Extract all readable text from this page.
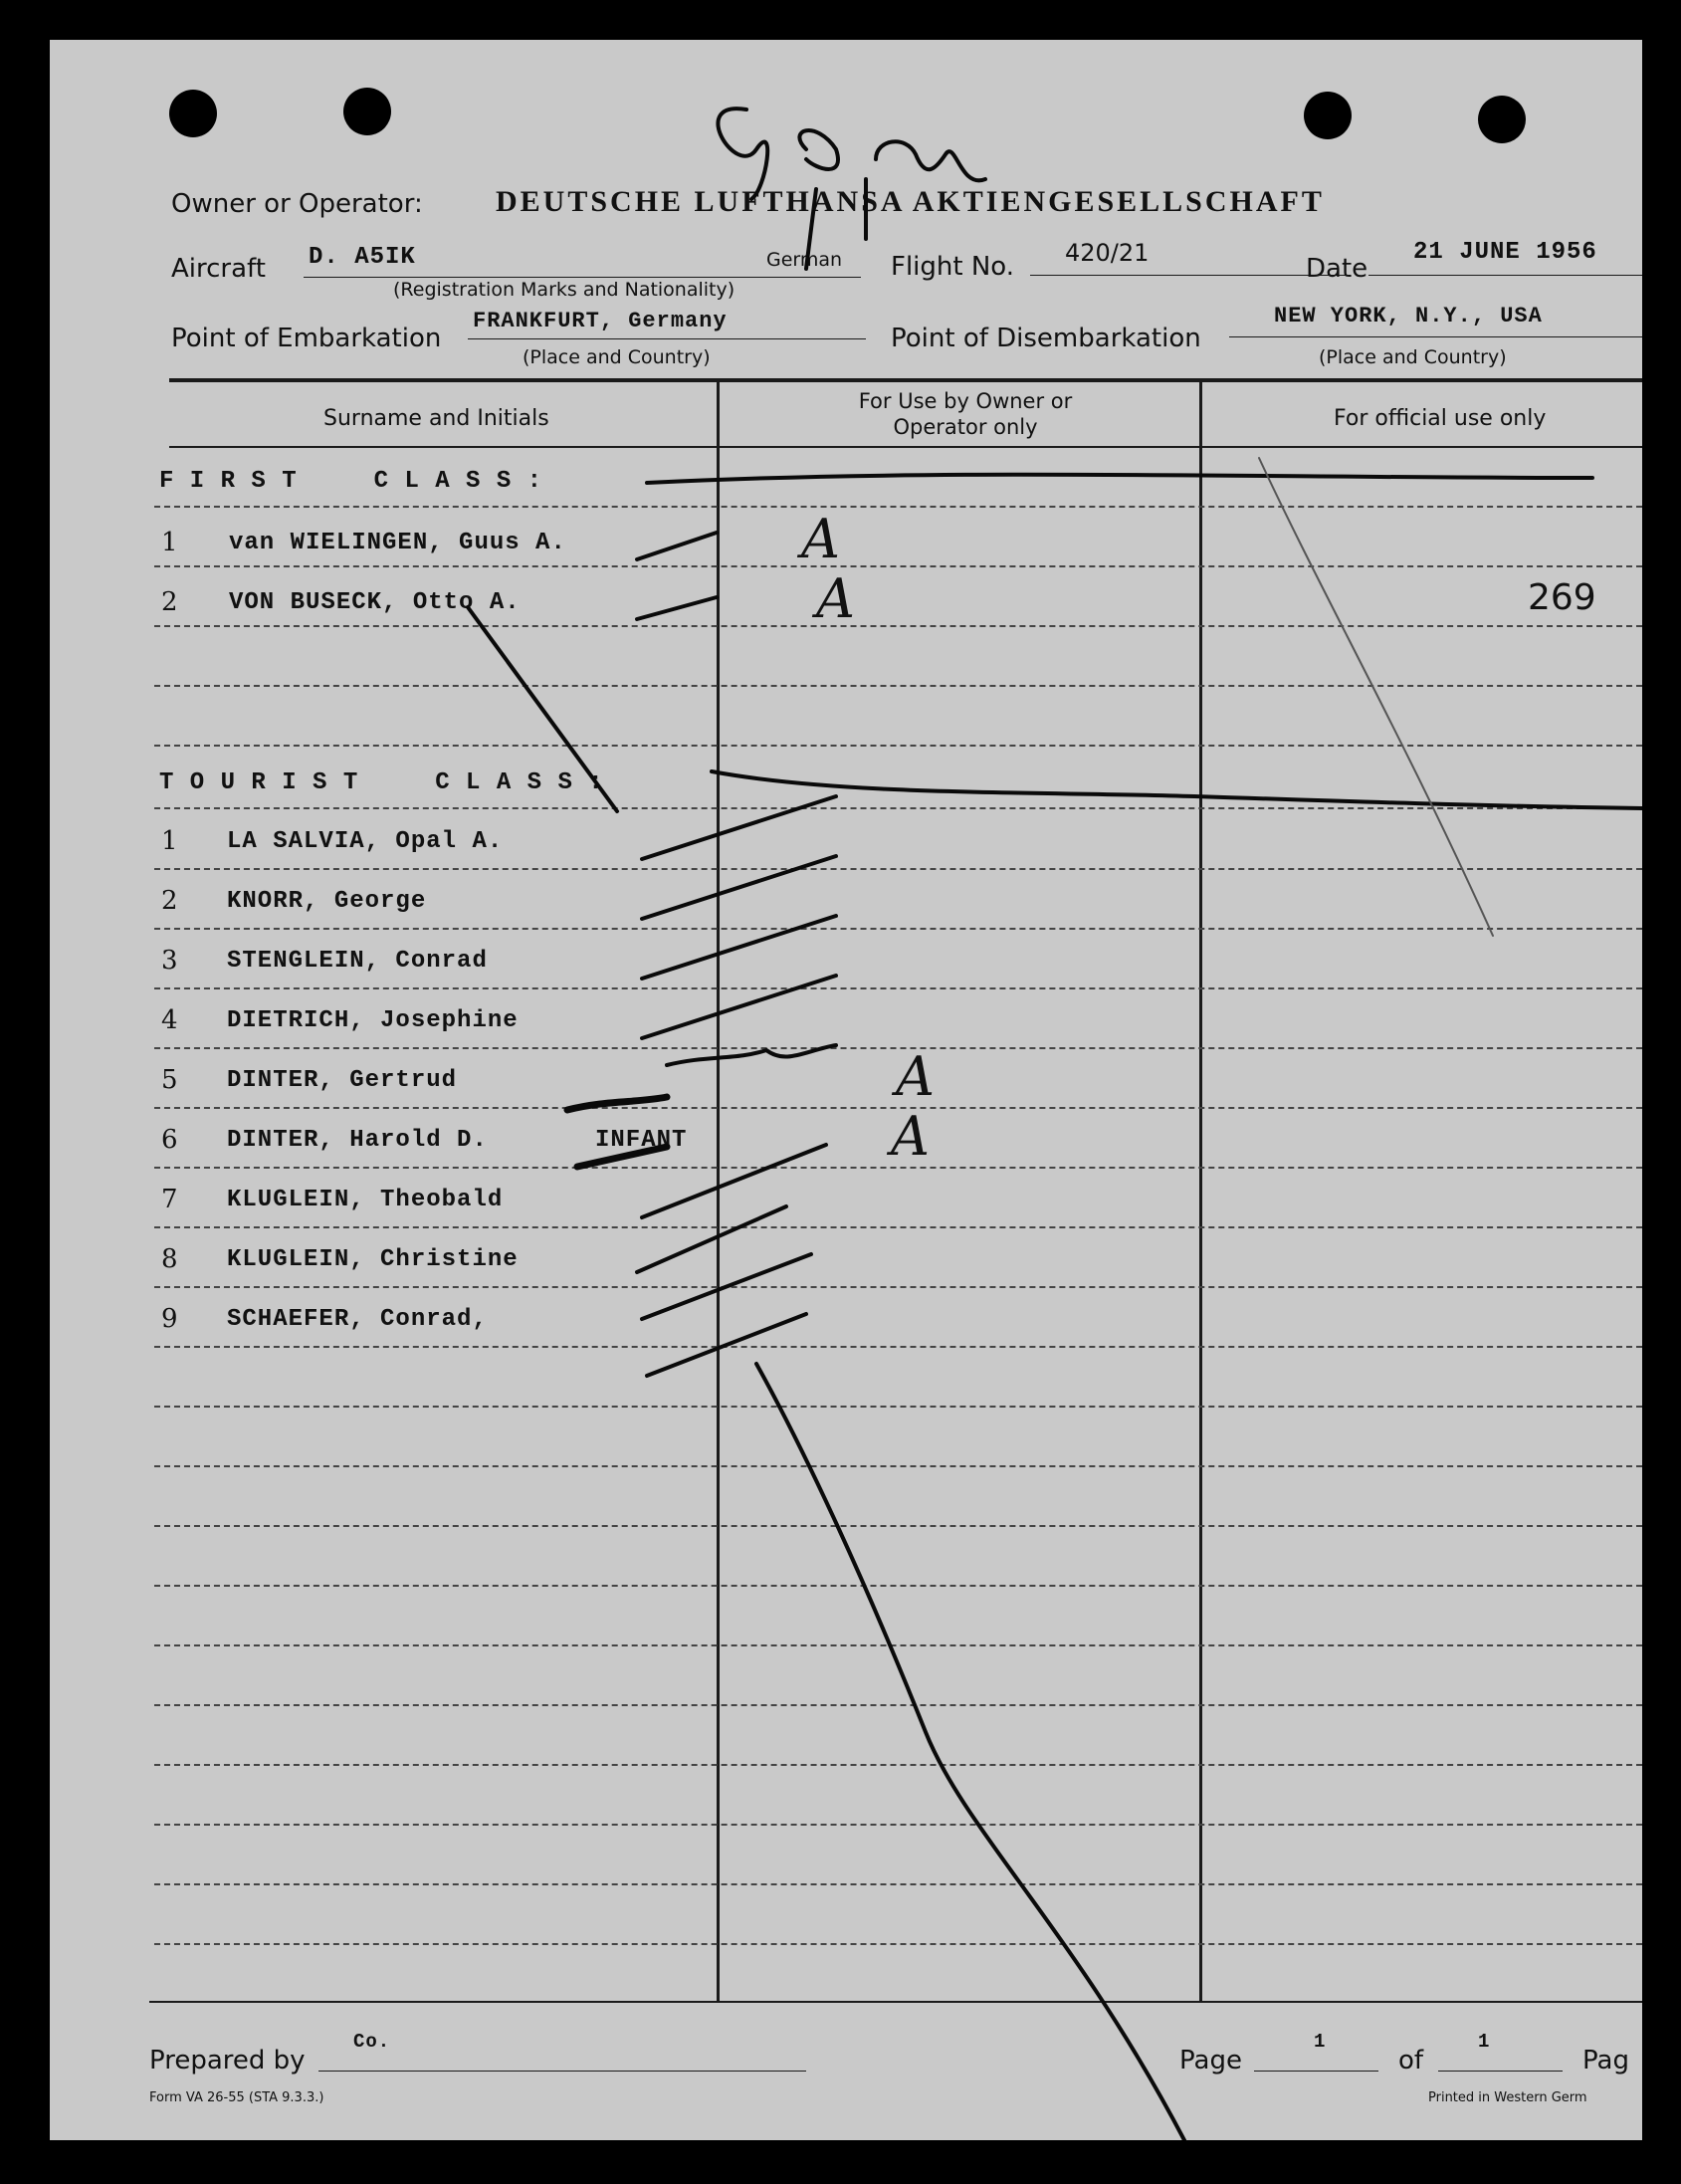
Owner or Operator: DEUTSCHE LUFTHANSA AKTIENGESELLSCHAFT
Aircraft D. A5IK	German
(Registration Marks and Nationality)
Flight No. 420/21
Date
21 JUNE 1956
Point of Embarkation
FRANKFURT, Germany
(Place and Country)
Point of Disembarkation
NEW YORK, N.Y., USA
(Place and Country)
Surname and Initials
For Use by Owner or Operator only	For official use only
F I R S T     C L A S S :
1 van WIELINGEN, Guus A.	A
2 VON BUSECK, Otto A.	A	269
T O U R I S T     C L A S S :
1 LA SALVIA, Opal A.
2 KNORR, George
3 STENGLEIN, Conrad
4 DIETRICH, Josephine
5 DINTER, Gertrud	A
6 DINTER, Harold D.	INFANT	A
7 KLUGLEIN, Theobald
8 KLUGLEIN, Christine
9 SCHAEFER, Conrad,
Prepared by
Co.
Page
1
of
1
Pag
Form VA 26-55 (STA 9.3.3.)	Printed in Western Germ
